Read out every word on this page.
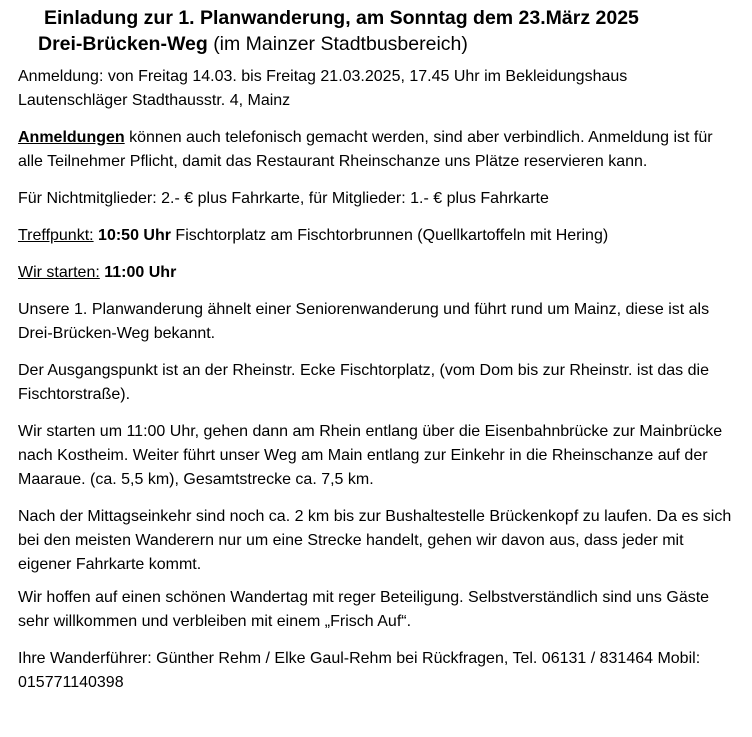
Einladung zur 1. Planwanderung, am Sonntag dem 23.März 2025
Drei-Brücken-Weg (im Mainzer Stadtbusbereich)

Anmeldung: von Freitag 14.03. bis Freitag 21.03.2025, 17.45 Uhr im Bekleidungshaus Lautenschläger Stadthausstr. 4, Mainz

Anmeldungen können auch telefonisch gemacht werden, sind aber verbindlich. Anmeldung ist für alle Teilnehmer Pflicht, damit das Restaurant Rheinschanze uns Plätze reservieren kann.

Für Nichtmitglieder: 2.- € plus Fahrkarte, für Mitglieder: 1.- € plus Fahrkarte

Treffpunkt: 10:50 Uhr Fischtorplatz am Fischtorbrunnen (Quellkartoffeln mit Hering)

Wir starten: 11:00 Uhr

Unsere 1. Planwanderung ähnelt einer Seniorenwanderung und führt rund um Mainz, diese ist als Drei-Brücken-Weg bekannt.

Der Ausgangspunkt ist an der Rheinstr. Ecke Fischtorplatz, (vom Dom bis zur Rheinstr. ist das die Fischtorstraße).

Wir starten um 11:00 Uhr, gehen dann am Rhein entlang über die Eisenbahnbrücke zur Mainbrücke nach Kostheim. Weiter führt unser Weg am Main entlang zur Einkehr in die Rheinschanze auf der Maaraue. (ca. 5,5 km), Gesamtstrecke ca. 7,5 km.

Nach der Mittagseinkehr sind noch ca. 2 km bis zur Bushaltestelle Brückenkopf zu laufen. Da es sich bei den meisten Wanderern nur um eine Strecke handelt, gehen wir davon aus, dass jeder mit eigener Fahrkarte kommt.

Wir hoffen auf einen schönen Wandertag mit reger Beteiligung. Selbstverständlich sind uns Gäste sehr willkommen und verbleiben mit einem „Frisch Auf“.

Ihre Wanderführer: Günther Rehm / Elke Gaul-Rehm bei Rückfragen, Tel. 06131 / 831464 Mobil: 015771140398
